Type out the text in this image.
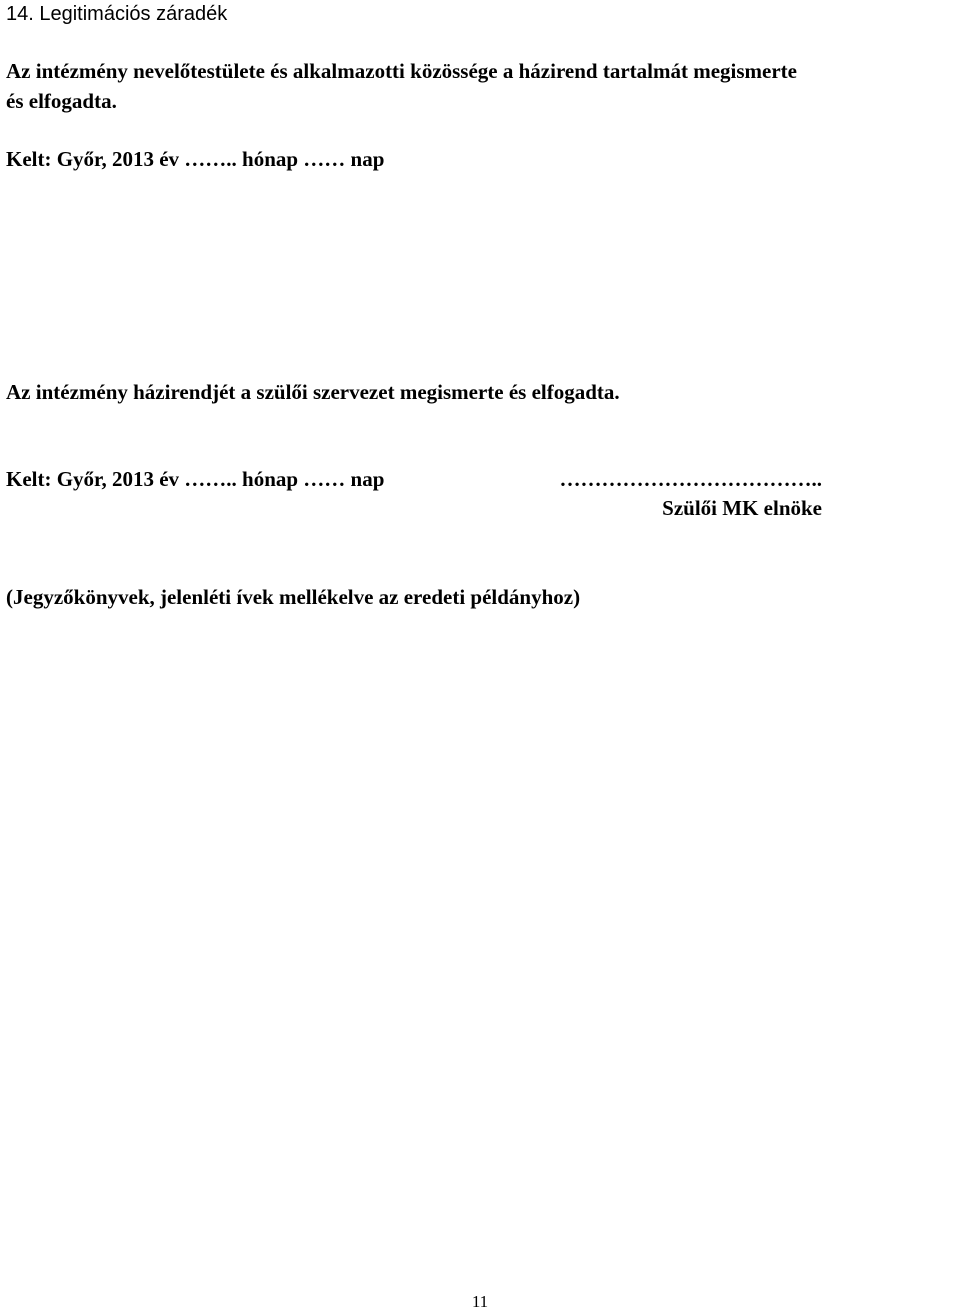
14. Legitimációs záradék
Az intézmény nevelőtestülete és alkalmazotti közössége a házirend tartalmát megismerte
és elfogadta.
Kelt: Győr, 2013 év …….. hónap …… nap
Az intézmény házirendjét a szülői szervezet megismerte és elfogadta.
Kelt: Győr, 2013 év …….. hónap …… nap	………………………………..
Szülői MK elnöke
(Jegyzőkönyvek, jelenléti ívek mellékelve az eredeti példányhoz)
11
